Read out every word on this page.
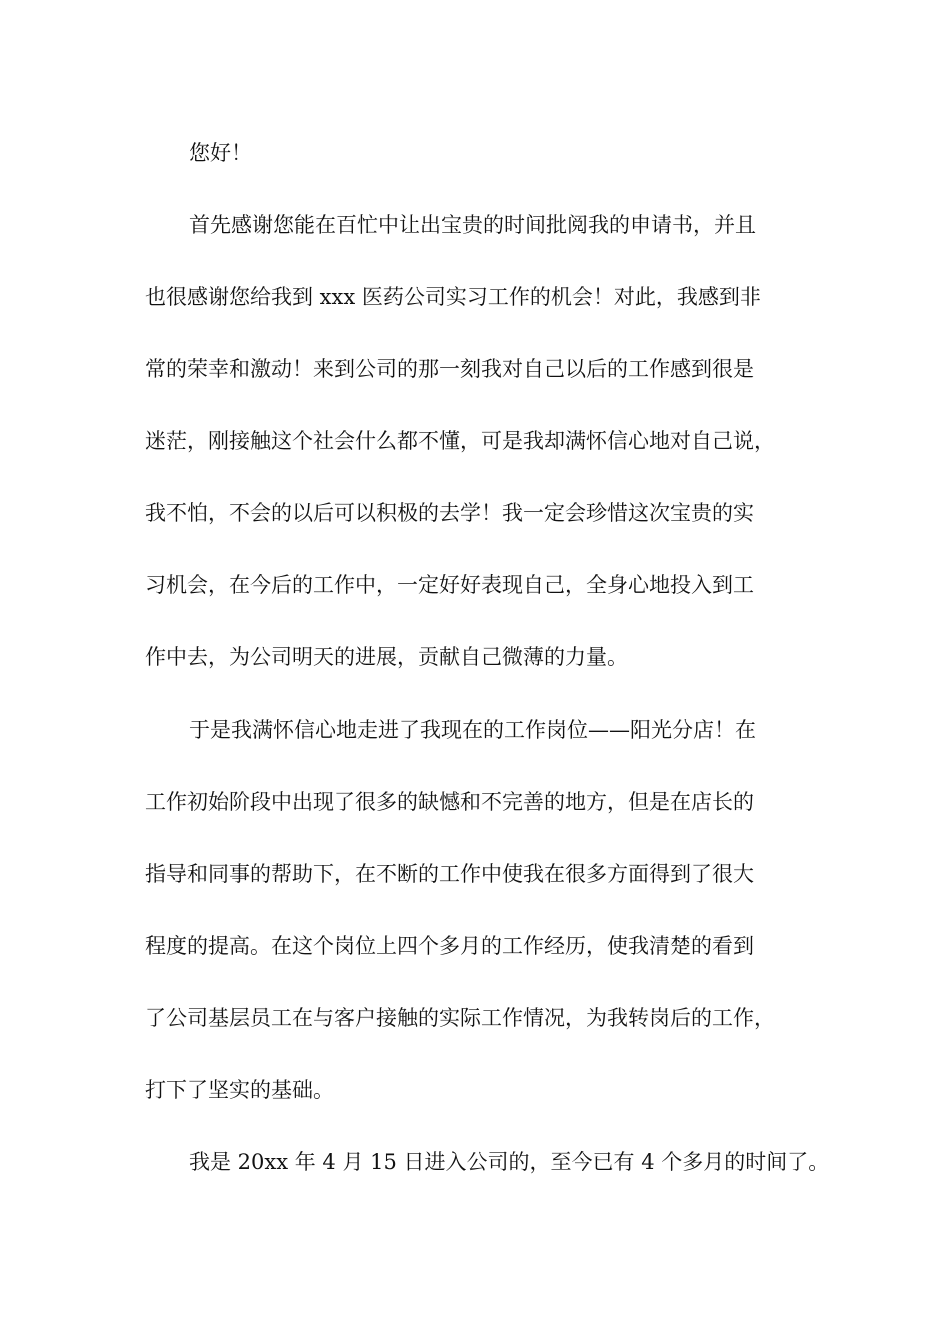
您好！

首先感谢您能在百忙中让出宝贵的时间批阅我的申请书，并且

也很感谢您给我到 xxx 医药公司实习工作的机会！对此，我感到非

常的荣幸和激动！来到公司的那一刻我对自己以后的工作感到很是

迷茫，刚接触这个社会什么都不懂，可是我却满怀信心地对自己说，

我不怕，不会的以后可以积极的去学！我一定会珍惜这次宝贵的实

习机会，在今后的工作中，一定好好表现自己，全身心地投入到工

作中去，为公司明天的进展，贡献自己微薄的力量。

于是我满怀信心地走进了我现在的工作岗位——阳光分店！在

工作初始阶段中出现了很多的缺憾和不完善的地方，但是在店长的

指导和同事的帮助下，在不断的工作中使我在很多方面得到了很大

程度的提高。在这个岗位上四个多月的工作经历，使我清楚的看到

了公司基层员工在与客户接触的实际工作情况，为我转岗后的工作，

打下了坚实的基础。

我是 20xx 年 4 月 15 日进入公司的，至今已有 4 个多月的时间了。
